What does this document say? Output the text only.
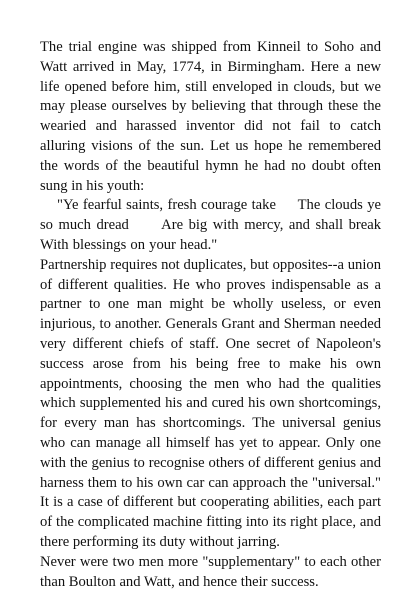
The trial engine was shipped from Kinneil to Soho and Watt arrived in May, 1774, in Birmingham. Here a new life opened before him, still enveloped in clouds, but we may please ourselves by believing that through these the wearied and harassed inventor did not fail to catch alluring visions of the sun. Let us hope he remembered the words of the beautiful hymn he had no doubt often sung in his youth:

"Ye fearful saints, fresh courage take     The clouds ye so much dread      Are big with mercy, and shall break     With blessings on your head."

Partnership requires not duplicates, but opposites--a union of different qualities. He who proves indispensable as a partner to one man might be wholly useless, or even injurious, to another. Generals Grant and Sherman needed very different chiefs of staff. One secret of Napoleon's success arose from his being free to make his own appointments, choosing the men who had the qualities which supplemented his and cured his own shortcomings, for every man has shortcomings. The universal genius who can manage all himself has yet to appear. Only one with the genius to recognise others of different genius and harness them to his own car can approach the "universal." It is a case of different but cooperating abilities, each part of the complicated machine fitting into its right place, and there performing its duty without jarring.

Never were two men more "supplementary" to each other than Boulton and Watt, and hence their success.
